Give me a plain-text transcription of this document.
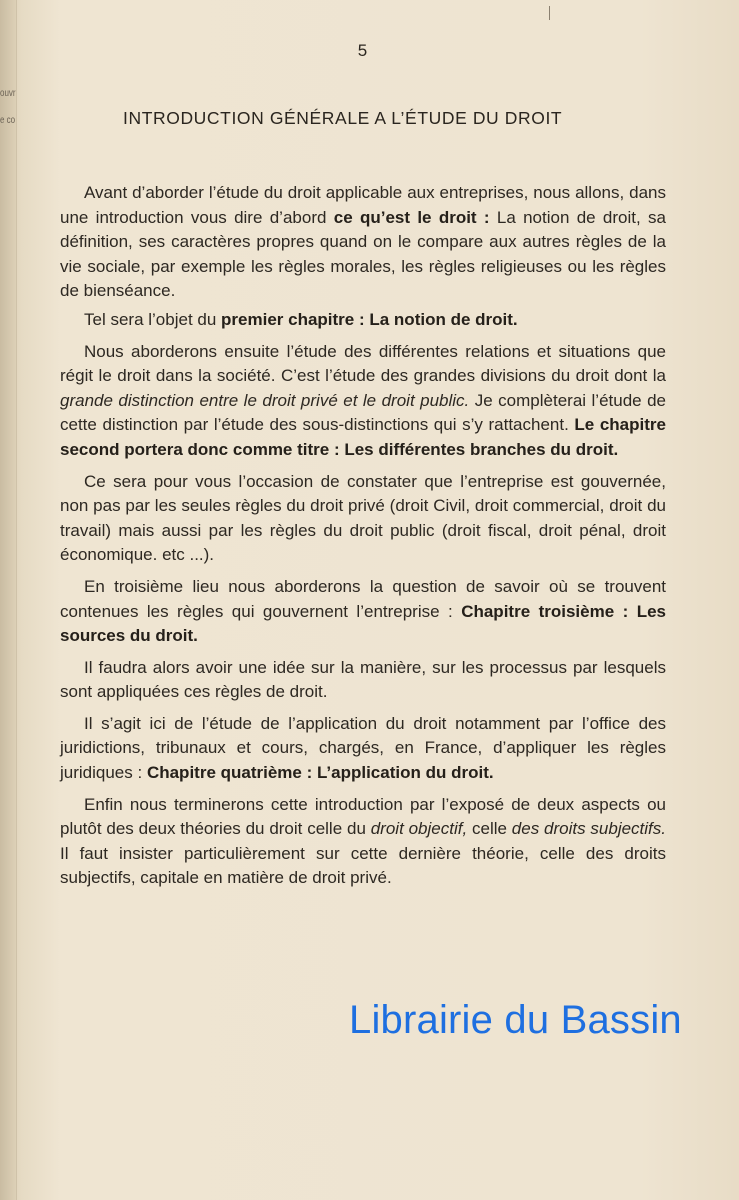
ouvr
e co
5
INTRODUCTION GÉNÉRALE A L’ÉTUDE DU DROIT

Avant d’aborder l’étude du droit applicable aux entreprises, nous allons, dans une introduction vous dire d’abord ce qu’est le droit : La notion de droit, sa définition, ses caractères propres quand on le compare aux autres règles de la vie sociale, par exemple les règles morales, les règles religieuses ou les règles de bienséance.

Tel sera l’objet du premier chapitre : La notion de droit.

Nous aborderons ensuite l’étude des différentes relations et situations que régit le droit dans la société. C’est l’étude des grandes divisions du droit dont la grande distinction entre le droit privé et le droit public. Je complèterai l’étude de cette distinction par l’étude des sous-distinctions qui s’y rattachent. Le chapitre second portera donc comme titre : Les différentes branches du droit.

Ce sera pour vous l’occasion de constater que l’entreprise est gouvernée, non pas par les seules règles du droit privé (droit Civil, droit commercial, droit du travail) mais aussi par les règles du droit public (droit fiscal, droit pénal, droit économique. etc ...).

En troisième lieu nous aborderons la question de savoir où se trouvent contenues les règles qui gouvernent l’entreprise : Chapitre troisième : Les sources du droit.

Il faudra alors avoir une idée sur la manière, sur les processus par lesquels sont appliquées ces règles de droit.

Il s’agit ici de l’étude de l’application du droit notamment par l’office des juridictions, tribunaux et cours, chargés, en France, d’appliquer les règles juridiques : Chapitre quatrième : L’application du droit.

Enfin nous terminerons cette introduction par l’exposé de deux aspects ou plutôt des deux théories du droit celle du droit objectif, celle des droits subjectifs. Il faut insister particulièrement sur cette dernière théorie, celle des droits subjectifs, capitale en matière de droit privé.

Librairie du Bassin
